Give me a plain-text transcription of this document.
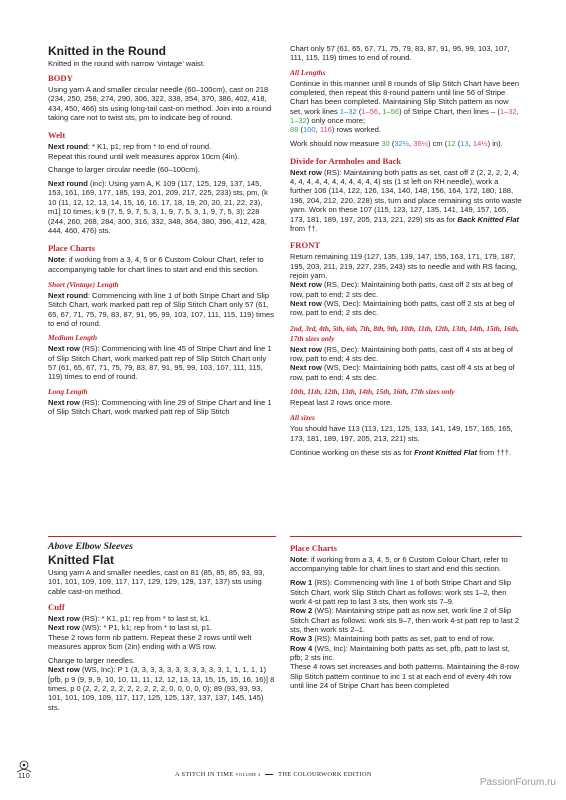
Knitted in the Round

Knitted in the round with narrow ‘vintage’ waist.

BODY

Using yarn A and smaller circular needle (60–100cm), cast on 218 (234, 250, 258, 274, 290, 306, 322, 338, 354, 370, 386, 402, 418, 434, 450, 466) sts using long-tail cast-on method. Join into a round taking care not to twist sts, pm to indicate beg of round.

Welt

Next round: * K1, p1; rep from * to end of round.
Repeat this round until welt measures approx 10cm (4in).

Change to larger circular needle (60–100cm).

Next round (inc): Using yarn A, K 109 (117, 125, 129, 137, 145, 153, 161, 169, 177, 185, 193, 201, 209, 217, 225, 233) sts, pm, (k 10 (11, 12, 12, 13, 14, 15, 16, 16, 17, 18, 19, 20, 20, 21, 22, 23), m1] 10 times, k 9 (7, 5, 9, 7, 5, 3, 1, 9, 7, 5, 3, 1, 9, 7, 5, 3); 228 (244, 260, 268, 284, 300, 316, 332, 348, 364, 380, 396, 412, 428, 444, 460, 476) sts.

Place Charts

Note: if working from a 3, 4, 5 or 6 Custom Colour Chart, refer to accompanying table for chart lines to start and end this section.

Short (Vintage) Length

Next round: Commencing with line 1 of both Stripe Chart and Slip Stitch Chart, work marked patt rep of Slip Stitch Chart only 57 (61, 65, 67, 71, 75, 79, 83, 87, 91, 95, 99, 103, 107, 111, 115, 119) times to end of round.

Medium Length

Next row (RS): Commencing with line 45 of Stripe Chart and line 1 of Slip Stitch Chart, work marked patt rep of Slip Stitch Chart only 57 (61, 65, 67, 71, 75, 79, 83, 87, 91, 95, 99, 103, 107, 111, 115, 119) times to end of round.

Long Length

Next row (RS): Commencing with line 29 of Stripe Chart and line 1 of Slip Stitch Chart, work marked patt rep of Slip Stitch

Chart only 57 (61, 65, 67, 71, 75, 79, 83, 87, 91, 95, 99, 103, 107, 111, 115, 119) times to end of round.

All Lengths

Continue in this manner until 8 rounds of Slip Stitch Chart have been completed, then repeat this 8-round pattern until line 56 of Stripe Chart has been completed. Maintaining Slip Stitch pattern as now set, work lines 1–32 (1–56, 1–56) of Stripe Chart, then lines – (1–32, 1–32) only once more;
88 (100, 116) rows worked.

Work should now measure 30 (32½, 36½) cm (12 (13, 14½) in).

Divide for Armholes and Back

Next row (RS): Maintaining both patts as set, cast off 2 (2, 2, 2, 2, 4, 4, 4, 4, 4, 4, 4, 4, 4, 4, 4, 4) sts (1 st left on RH needle), work a further 106 (114, 122, 126, 134, 140, 148, 156, 164, 172, 180, 188, 196, 204, 212, 220, 228) sts, turn and place remaining sts onto waste yarn. Work on these 107 (115, 123, 127, 135, 141, 149, 157, 165, 173, 181, 189, 197, 205, 213, 221, 229) sts as for Back Knitted Flat from ††.

FRONT

Return remaining 119 (127, 135, 139, 147, 155, 163, 171, 179, 187, 195, 203, 211, 219, 227, 235, 243) sts to needle and with RS facing, rejoin yarn.

Next row (RS, Dec): Maintaining both patts, cast off 2 sts at beg of row, patt to end; 2 sts dec.

Next row (WS, Dec): Maintaining both patts, cast off 2 sts at beg of row, patt to end; 2 sts dec.

2nd, 3rd, 4th, 5th, 6th, 7th, 8th, 9th, 10th, 11th, 12th, 13th, 14th, 15th, 16th, 17th sizes only

Next row (RS, Dec): Maintaining both patts, cast off 4 sts at beg of row, patt to end; 4 sts dec.

Next row (WS, Dec): Maintaining both patts, cast off 4 sts at beg of row, patt to end; 4 sts dec.

10th, 11th, 12th, 13th, 14th, 15th, 16th, 17th sizes only

Repeat last 2 rows once more.

All sizes

You should have 113 (113, 121, 125, 133, 141, 149, 157, 165, 165, 173, 181, 189, 197, 205, 213, 221) sts.

Continue working on these sts as for Front Knitted Flat from †††.

Above Elbow Sleeves
Knitted Flat

Using yarn A and smaller needles, cast on 81 (85, 85, 85, 93, 93, 101, 101, 109, 109, 117, 117, 129, 129, 129, 137, 137) sts using cable cast-on method.

Cuff

Next row (RS): * K1, p1; rep from * to last st, k1.

Next row (WS): * P1, k1; rep from * to last st, p1.

These 2 rows form rib pattern. Repeat these 2 rows until welt measures approx 5cm (2in) ending with a WS row.

Change to larger needles.

Next row (WS, Inc): P 1 (3, 3, 3, 3, 3, 3, 3, 3, 3, 3, 3, 1, 1, 1, 1, 1) [pfb, p 9 (9, 9, 9, 10, 10, 11, 11, 12, 12, 13, 13, 15, 15, 15, 16, 16)] 8 times, p 0 (2, 2, 2, 2, 2, 2, 2, 2, 2, 2, 0, 0, 0, 0, 0); 89 (93, 93, 93, 101, 101, 109, 109, 117, 117, 125, 125, 137, 137, 137, 145, 145) sts.

Place Charts

Note: if working from a 3, 4, 5, or 6 Custom Colour Chart, refer to accompanying table for chart lines to start and end this section.

Row 1 (RS): Commencing with line 1 of both Stripe Chart and Slip Stitch Chart, work Slip Stitch Chart as follows: work sts 1–2, then work 4-st patt rep to last 3 sts, then work sts 7–9.

Row 2 (WS): Maintaining stripe patt as now set, work line 2 of Slip Stitch Chart as follows: work sts 9–7, then work 4-st patt rep to last 2 sts, then work sts 2–1.

Row 3 (RS): Maintaining both patts as set, patt to end of row.

Row 4 (WS, Inc): Maintaining both patts as set, pfb, patt to last st, pfb; 2 sts inc.

These 4 rows set increases and both patterns. Maintaining the 8-row Slip Stitch pattern continue to inc 1 st at each end of every 4th row until line 24 of Stripe Chart has been completed

110	A STITCH IN TIME VOLUME 3	THE COLOURWORK EDITION
PassionForum.ru
